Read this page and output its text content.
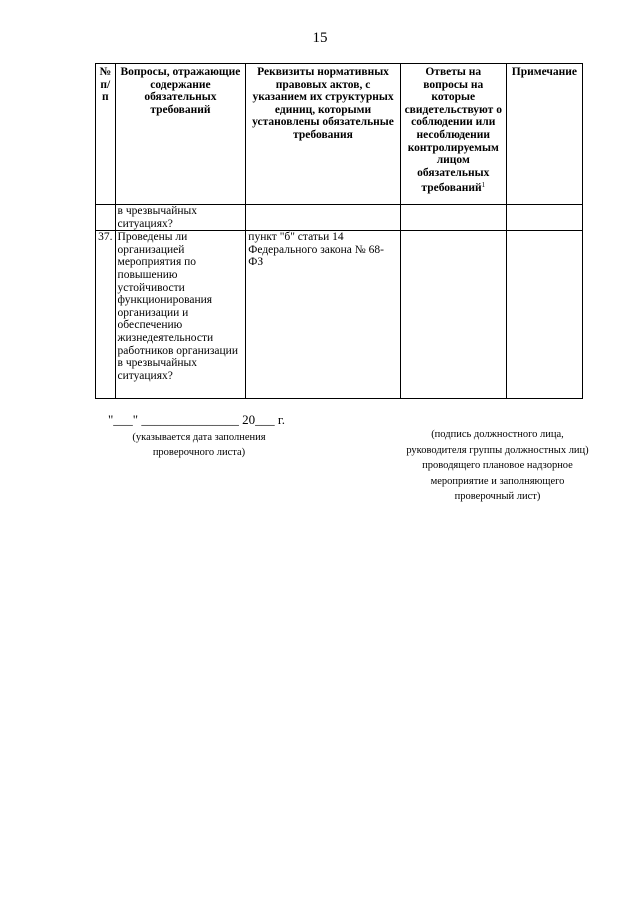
15
№ п/п	Вопросы, отражающие содержание обязательных требований	Реквизиты нормативных правовых актов, с указанием их структурных единиц, которыми установлены обязательные требования	Ответы на вопросы на которые свидетельствуют о соблюдении или несоблюдении контролируемым лицом обязательных требований$^1$	Примечание
	в чрезвычайных ситуациях?			
37.	Проведены ли организацией мероприятия по повышению устойчивости функционирования организации и обеспечению жизнедеятельности работников организации в чрезвычайных ситуациях?	пункт "б" статьи 14 Федерального закона № 68-ФЗ		
"___" _______________ 20___ г.
(указывается дата заполнения проверочного листа)
(подпись должностного лица, руководителя группы должностных лиц) проводящего плановое надзорное мероприятие и заполняющего проверочный лист)
